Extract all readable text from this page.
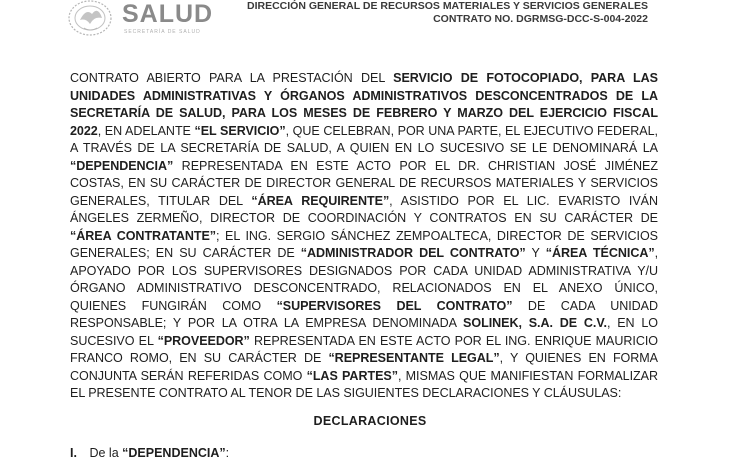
SALUD
SECRETARÍA DE SALUD
DIRECCIÓN GENERAL DE RECURSOS MATERIALES Y SERVICIOS GENERALES
CONTRATO NO. DGRMSG-DCC-S-004-2022
CONTRATO ABIERTO PARA LA PRESTACIÓN DEL SERVICIO DE FOTOCOPIADO, PARA LAS UNIDADES ADMINISTRATIVAS Y ÓRGANOS ADMINISTRATIVOS DESCONCENTRADOS DE LA SECRETARÍA DE SALUD, PARA LOS MESES DE FEBRERO Y MARZO DEL EJERCICIO FISCAL 2022, EN ADELANTE “EL SERVICIO”, QUE CELEBRAN, POR UNA PARTE, EL EJECUTIVO FEDERAL, A TRAVÉS DE LA SECRETARÍA DE SALUD, A QUIEN EN LO SUCESIVO SE LE DENOMINARÁ LA “DEPENDENCIA” REPRESENTADA EN ESTE ACTO POR EL DR. CHRISTIAN JOSÉ JIMÉNEZ COSTAS, EN SU CARÁCTER DE DIRECTOR GENERAL DE RECURSOS MATERIALES Y SERVICIOS GENERALES, TITULAR DEL “ÁREA REQUIRENTE”, ASISTIDO POR EL LIC. EVARISTO IVÁN ÁNGELES ZERMEÑO, DIRECTOR DE COORDINACIÓN Y CONTRATOS EN SU CARÁCTER DE “ÁREA CONTRATANTE”; EL ING. SERGIO SÁNCHEZ ZEMPOALTECA, DIRECTOR DE SERVICIOS GENERALES; EN SU CARÁCTER DE “ADMINISTRADOR DEL CONTRATO” Y “ÁREA TÉCNICA”, APOYADO POR LOS SUPERVISORES DESIGNADOS POR CADA UNIDAD ADMINISTRATIVA Y/U ÓRGANO ADMINISTRATIVO DESCONCENTRADO, RELACIONADOS EN EL ANEXO ÚNICO, QUIENES FUNGIRÁN COMO “SUPERVISORES DEL CONTRATO” DE CADA UNIDAD RESPONSABLE; Y POR LA OTRA LA EMPRESA DENOMINADA SOLINEK, S.A. DE C.V., EN LO SUCESIVO EL “PROVEEDOR” REPRESENTADA EN ESTE ACTO POR EL ING. ENRIQUE MAURICIO FRANCO ROMO, EN SU CARÁCTER DE “REPRESENTANTE LEGAL”, Y QUIENES EN FORMA CONJUNTA SERÁN REFERIDAS COMO “LAS PARTES”, MISMAS QUE MANIFIESTAN FORMALIZAR EL PRESENTE CONTRATO AL TENOR DE LAS SIGUIENTES DECLARACIONES Y CLÁUSULAS:
DECLARACIONES
I. De la “DEPENDENCIA”:
